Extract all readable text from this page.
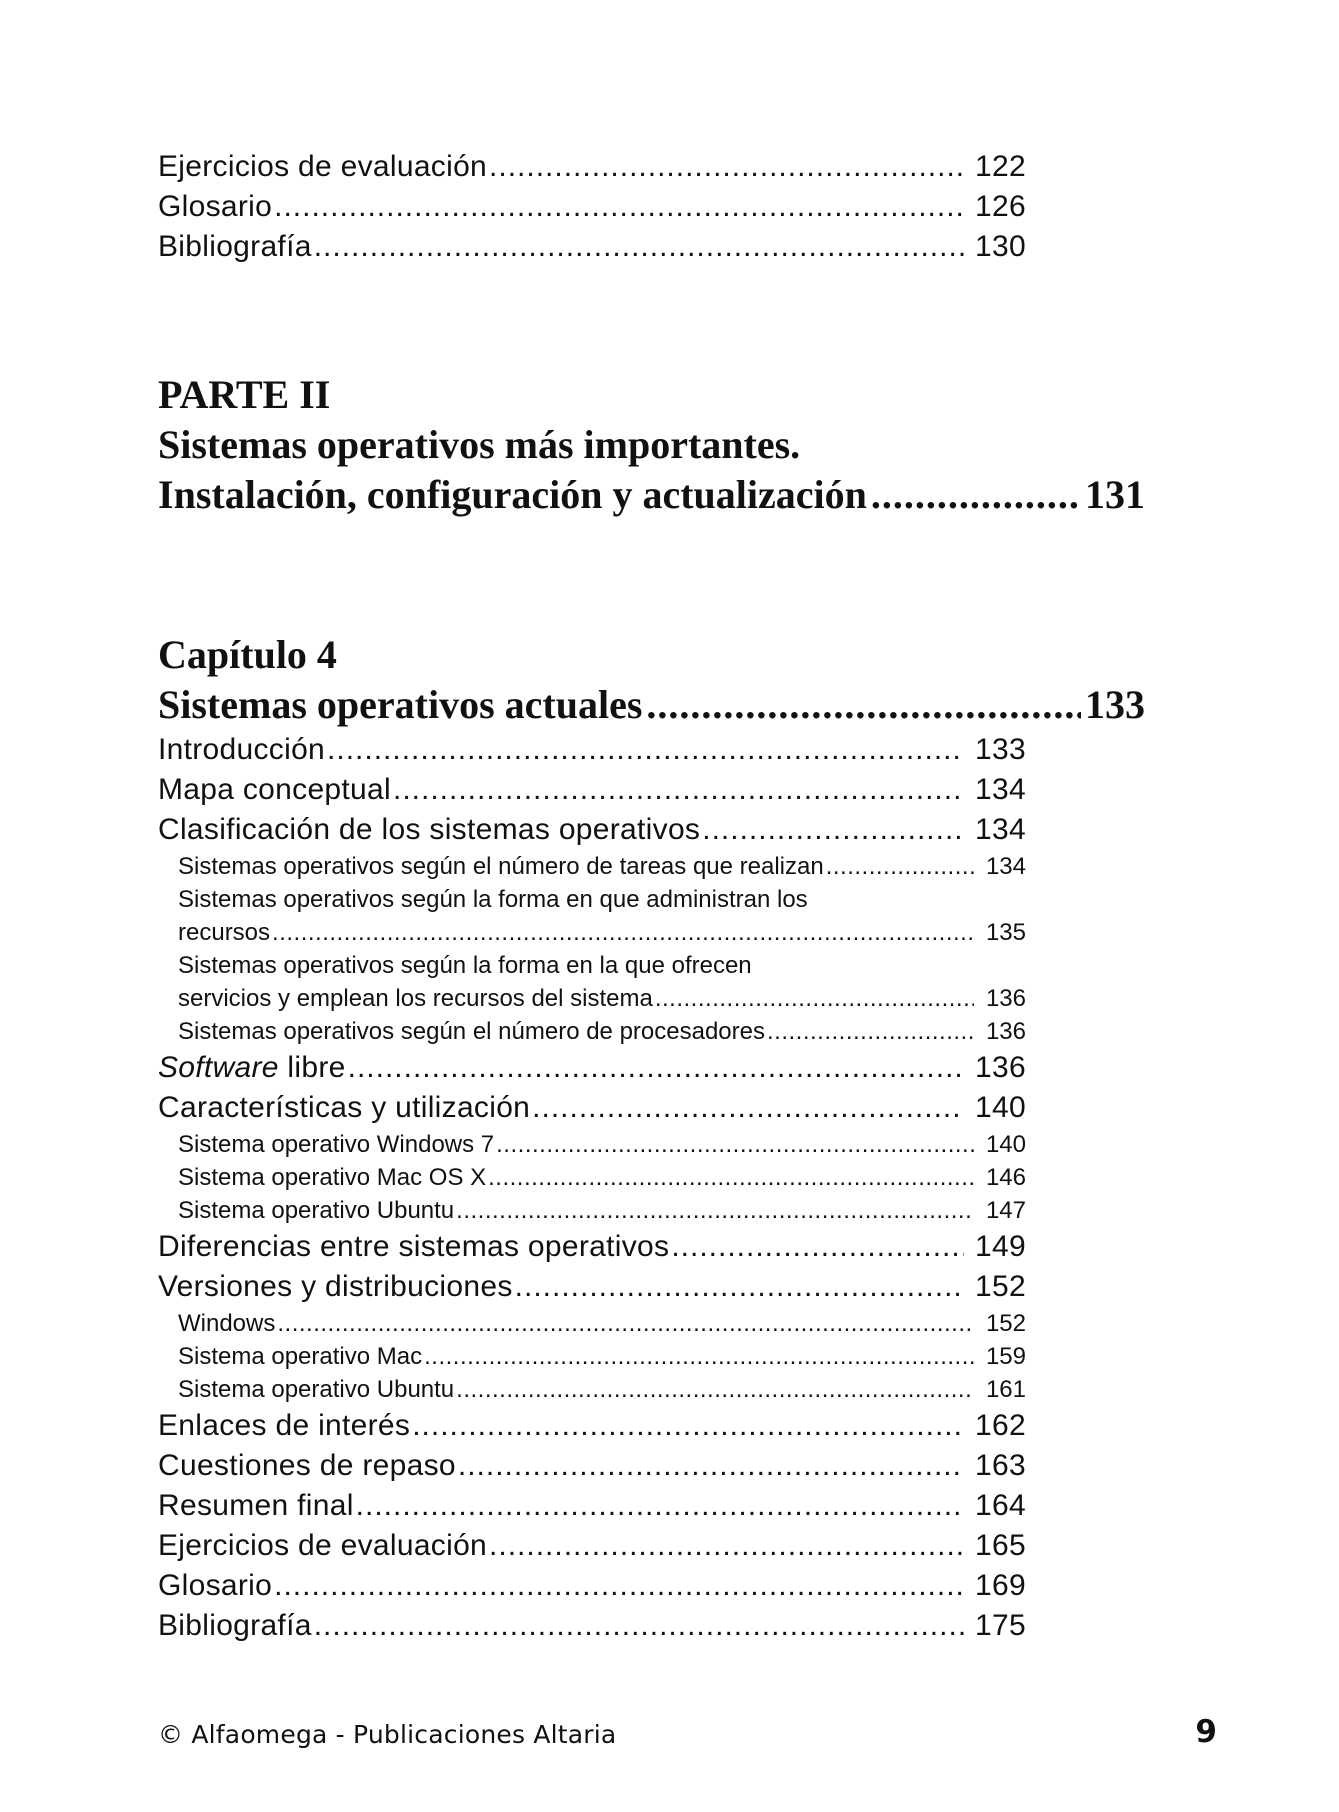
Ejercicios de evaluación .....	122
Glosario .....	126
Bibliografía .....	130
PARTE II
Sistemas operativos más importantes.
Instalación, configuración y actualización .....	131
Capítulo 4
Sistemas operativos actuales .....	133
Introducción .....	133
Mapa conceptual .....	134
Clasificación de los sistemas operativos .....	134
Sistemas operativos según el número de tareas que realizan .....	134
Sistemas operativos según la forma en que administran los
recursos .....	135
Sistemas operativos según la forma en la que ofrecen
servicios y emplean los recursos del sistema .....	136
Sistemas operativos según el número de procesadores .....	136
Software libre .....	136
Características y utilización .....	140
Sistema operativo Windows 7 .....	140
Sistema operativo Mac OS X .....	146
Sistema operativo Ubuntu .....	147
Diferencias entre sistemas operativos .....	149
Versiones y distribuciones .....	152
Windows .....	152
Sistema operativo Mac .....	159
Sistema operativo Ubuntu .....	161
Enlaces de interés .....	162
Cuestiones de repaso .....	163
Resumen final .....	164
Ejercicios de evaluación .....	165
Glosario .....	169
Bibliografía .....	175
© Alfaomega - Publicaciones Altaria	9
